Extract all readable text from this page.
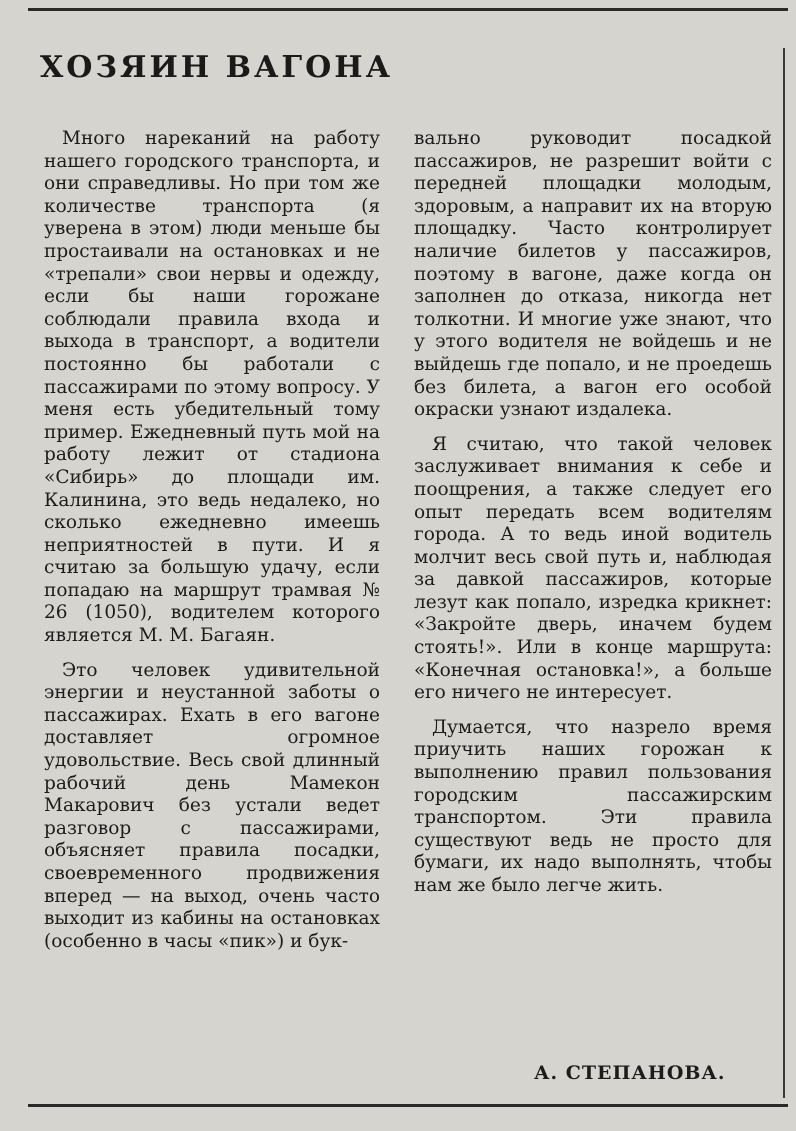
ХОЗЯИН ВАГОНА

Много нареканий на работу нашего городского транспорта, и они справедливы. Но при том же количестве транспорта (я уверена в этом) люди меньше бы простаивали на остановках и не «трепали» свои нервы и одежду, если бы наши горожане соблюдали правила входа и выхода в транспорт, а водители постоянно бы работали с пассажирами по этому вопросу. У меня есть убедительный тому пример. Ежедневный путь мой на работу лежит от стадиона «Сибирь» до площади им. Калинина, это ведь недалеко, но сколько ежедневно имеешь неприятностей в пути. И я считаю за большую удачу, если попадаю на маршрут трамвая № 26 (1050), водителем которого является М. М. Багаян.

Это человек удивительной энергии и неустанной заботы о пассажирах. Ехать в его вагоне доставляет огромное удовольствие. Весь свой длинный рабочий день Мамекон Макарович без устали ведет разговор с пассажирами, объясняет правила посадки, своевременного продвижения вперед — на выход, очень часто выходит из кабины на остановках (особенно в часы «пик») и бук-

вально руководит посадкой пассажиров, не разрешит войти с передней площадки молодым, здоровым, а направит их на вторую площадку. Часто контролирует наличие билетов у пассажиров, поэтому в вагоне, даже когда он заполнен до отказа, никогда нет толкотни. И многие уже знают, что у этого водителя не войдешь и не выйдешь где попало, и не проедешь без билета, а вагон его особой окраски узнают издалека.

Я считаю, что такой человек заслуживает внимания к себе и поощрения, а также следует его опыт передать всем водителям города. А то ведь иной водитель молчит весь свой путь и, наблюдая за давкой пассажиров, которые лезут как попало, изредка крикнет: «Закройте дверь, иначем будем стоять!». Или в конце маршрута: «Конечная остановка!», а больше его ничего не интересует.

Думается, что назрело время приучить наших горожан к выполнению правил пользования городским пассажирским транспортом. Эти правила существуют ведь не просто для бумаги, их надо выполнять, чтобы нам же было легче жить.

А. СТЕПАНОВА.
